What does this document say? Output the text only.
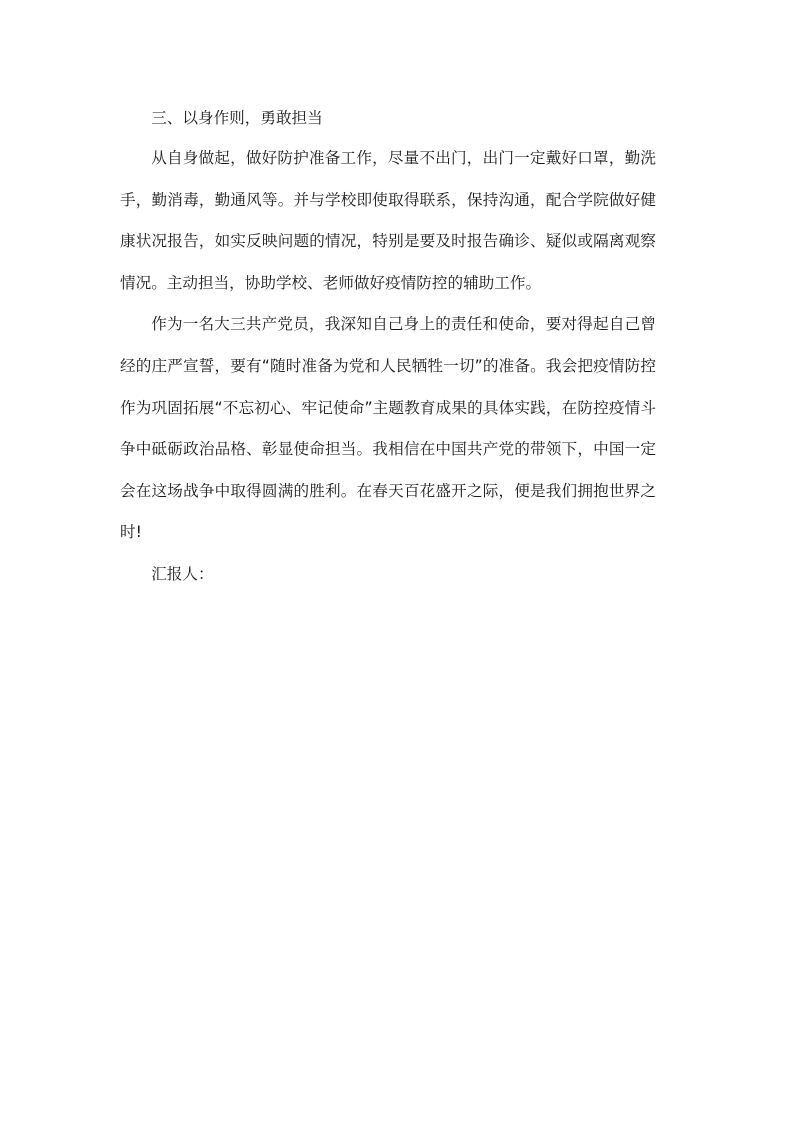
三、以身作则，勇敢担当

从自身做起，做好防护准备工作，尽量不出门，出门一定戴好口罩，勤洗手，勤消毒，勤通风等。并与学校即使取得联系，保持沟通，配合学院做好健康状况报告，如实反映问题的情况，特别是要及时报告确诊、疑似或隔离观察情况。主动担当，协助学校、老师做好疫情防控的辅助工作。

作为一名大三共产党员，我深知自己身上的责任和使命，要对得起自己曾经的庄严宣誓，要有“随时准备为党和人民牺牲一切”的准备。我会把疫情防控作为巩固拓展“不忘初心、牢记使命”主题教育成果的具体实践，在防控疫情斗争中砥砺政治品格、彰显使命担当。我相信在中国共产党的带领下，中国一定会在这场战争中取得圆满的胜利。在春天百花盛开之际，便是我们拥抱世界之时!

汇报人：
